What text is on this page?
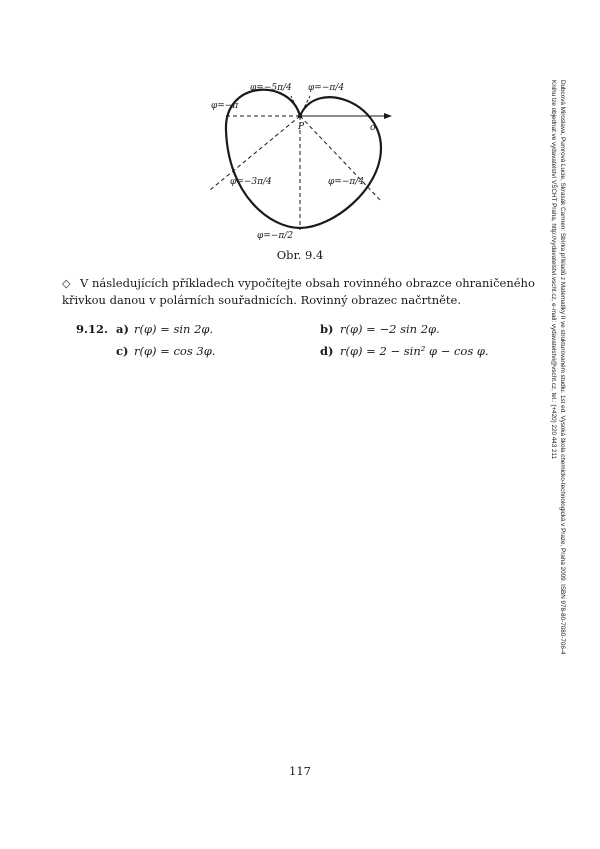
φ=−5π/4 φ=−π/4
φ=−π
o
P
φ=−3π/4	φ=−π/4
φ=−π/2
Obr. 9.4
◇ V následujících příkladech vypočítejte obsah rovinného obrazce ohraničeného křivkou danou v polárních souřadnicích. Rovinný obrazec načrtněte.
9.12. a) r(φ) = sin 2φ.	b) r(φ) = −2 sin 2φ.
c) r(φ) = cos 3φ.	d) r(φ) = 2 − sin² φ − cos φ.
117
Dubcová Miroslava, Pumrová Lucie, Skrasák Carmen: Sbírka příkladů z Matematiky II ve strukturovaném studiu. 1st ed. Vysoká škola chemicko-technologická v Praze, Praha 2009. ISBN 978-80-7080-706-4
Knihu lze objednat ve vydavatelství VŠCHT Praha, http://vydavatelstvi.vscht.cz, e-mail: vydavatelstvi@vscht.cz, tel.: (+420) 220 443 211
